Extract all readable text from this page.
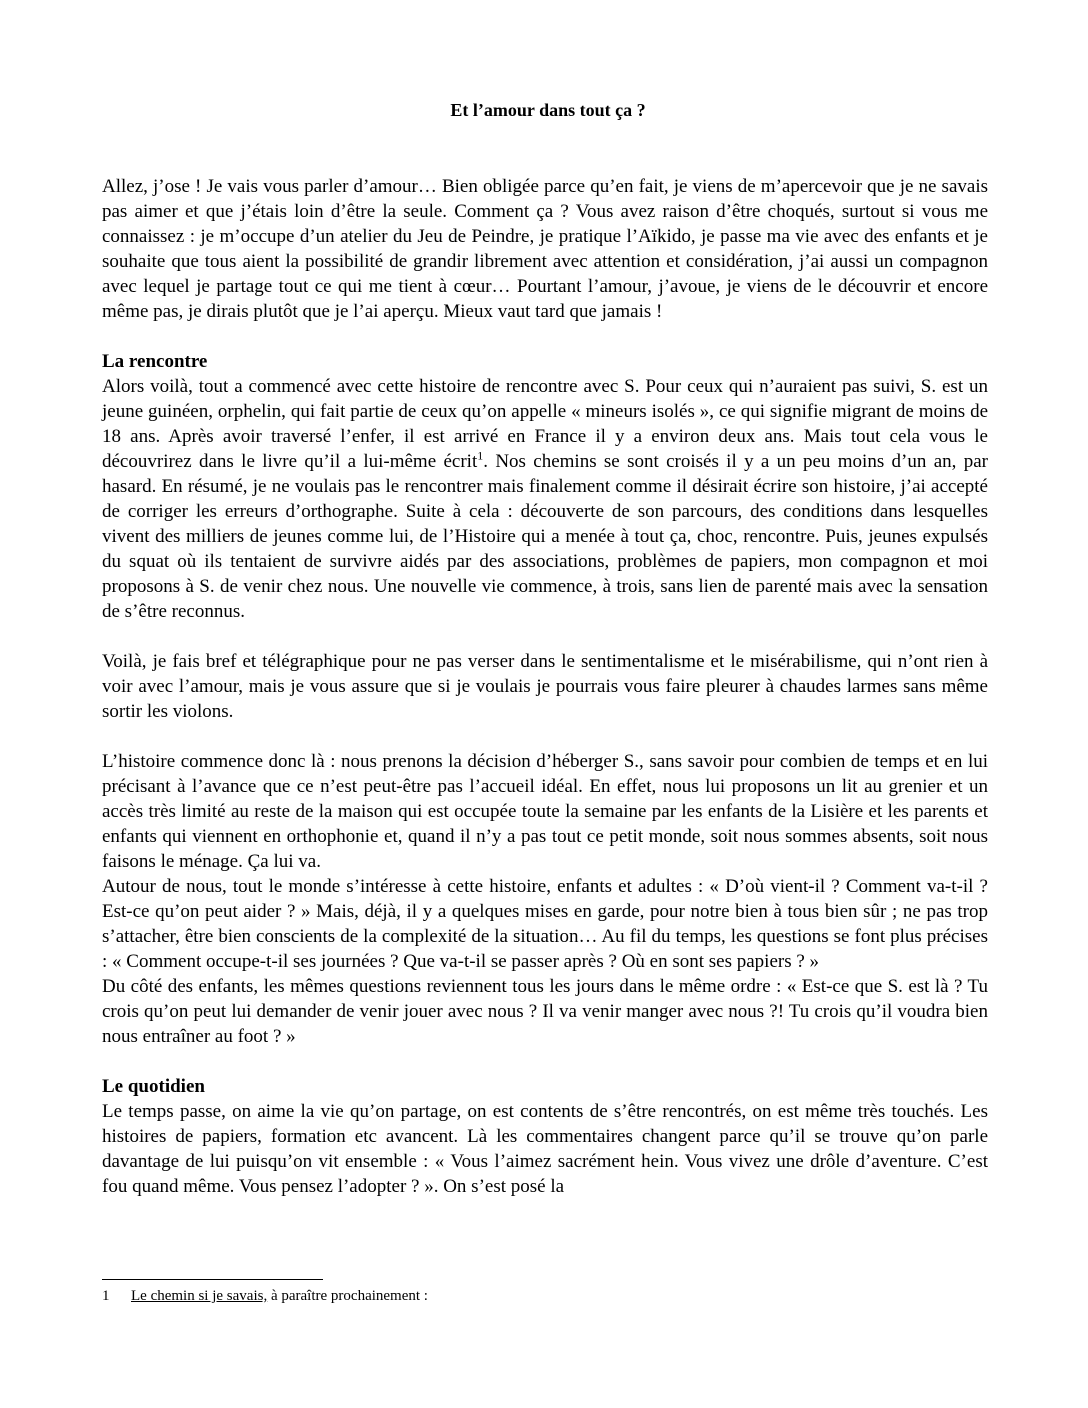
Et l’amour dans tout ça ?

Allez, j’ose ! Je vais vous parler d’amour… Bien obligée parce qu’en fait, je viens de m’apercevoir que je ne savais pas aimer et que j’étais loin d’être la seule. Comment ça ? Vous avez raison d’être choqués, surtout si vous me connaissez : je m’occupe d’un atelier du Jeu de Peindre, je pratique l’Aïkido, je passe ma vie avec des enfants et je souhaite que tous aient la possibilité de grandir librement avec attention et considération, j’ai aussi un compagnon avec lequel je partage tout ce qui me tient à cœur… Pourtant l’amour, j’avoue, je viens de le découvrir et encore même pas, je dirais plutôt que je l’ai aperçu. Mieux vaut tard que jamais !

La rencontre

Alors voilà, tout a commencé avec cette histoire de rencontre avec S. Pour ceux qui n’auraient pas suivi, S. est un jeune guinéen, orphelin, qui fait partie de ceux qu’on appelle « mineurs isolés », ce qui signifie migrant de moins de 18 ans. Après avoir traversé l’enfer, il est arrivé en France il y a environ deux ans. Mais tout cela vous le découvrirez dans le livre qu’il a lui-même écrit$^1$. Nos chemins se sont croisés il y a un peu moins d’un an, par hasard. En résumé, je ne voulais pas le rencontrer mais finalement comme il désirait écrire son histoire, j’ai accepté de corriger les erreurs d’orthographe. Suite à cela : découverte de son parcours, des conditions dans lesquelles vivent des milliers de jeunes comme lui, de l’Histoire qui a menée à tout ça, choc, rencontre. Puis, jeunes expulsés du squat où ils tentaient de survivre aidés par des associations, problèmes de papiers, mon compagnon et moi proposons à S. de venir chez nous. Une nouvelle vie commence, à trois, sans lien de parenté mais avec la sensation de s’être reconnus.

Voilà, je fais bref et télégraphique pour ne pas verser dans le sentimentalisme et le misérabilisme, qui n’ont rien à voir avec l’amour, mais je vous assure que si je voulais je pourrais vous faire pleurer à chaudes larmes sans même sortir les violons.

L’histoire commence donc là : nous prenons la décision d’héberger S., sans savoir pour combien de temps et en lui précisant à l’avance que ce n’est peut-être pas l’accueil idéal. En effet, nous lui proposons un lit au grenier et un accès très limité au reste de la maison qui est occupée toute la semaine par les enfants de la Lisière et les parents et enfants qui viennent en orthophonie et, quand il n’y a pas tout ce petit monde, soit nous sommes absents, soit nous faisons le ménage. Ça lui va.

Autour de nous, tout le monde s’intéresse à cette histoire, enfants et adultes : « D’où vient-il ? Comment va-t-il ? Est-ce qu’on peut aider ? » Mais, déjà, il y a quelques mises en garde, pour notre bien à tous bien sûr ; ne pas trop s’attacher, être bien conscients de la complexité de la situation… Au fil du temps, les questions se font plus précises : « Comment occupe-t-il ses journées ? Que va-t-il se passer après ? Où en sont ses papiers ? »

Du côté des enfants, les mêmes questions reviennent tous les jours dans le même ordre : « Est-ce que S. est là ? Tu crois qu’on peut lui demander de venir jouer avec nous ? Il va venir manger avec nous ?! Tu crois qu’il voudra bien nous entraîner au foot ? »

Le quotidien

Le temps passe, on aime la vie qu’on partage, on est contents de s’être rencontrés, on est même très touchés. Les histoires de papiers, formation etc avancent. Là les commentaires changent parce qu’il se trouve qu’on parle davantage de lui puisqu’on vit ensemble : « Vous l’aimez sacrément hein. Vous vivez une drôle d’aventure. C’est fou quand même. Vous pensez l’adopter ? ». On s’est posé la

1 Le chemin si je savais, à paraître prochainement :
